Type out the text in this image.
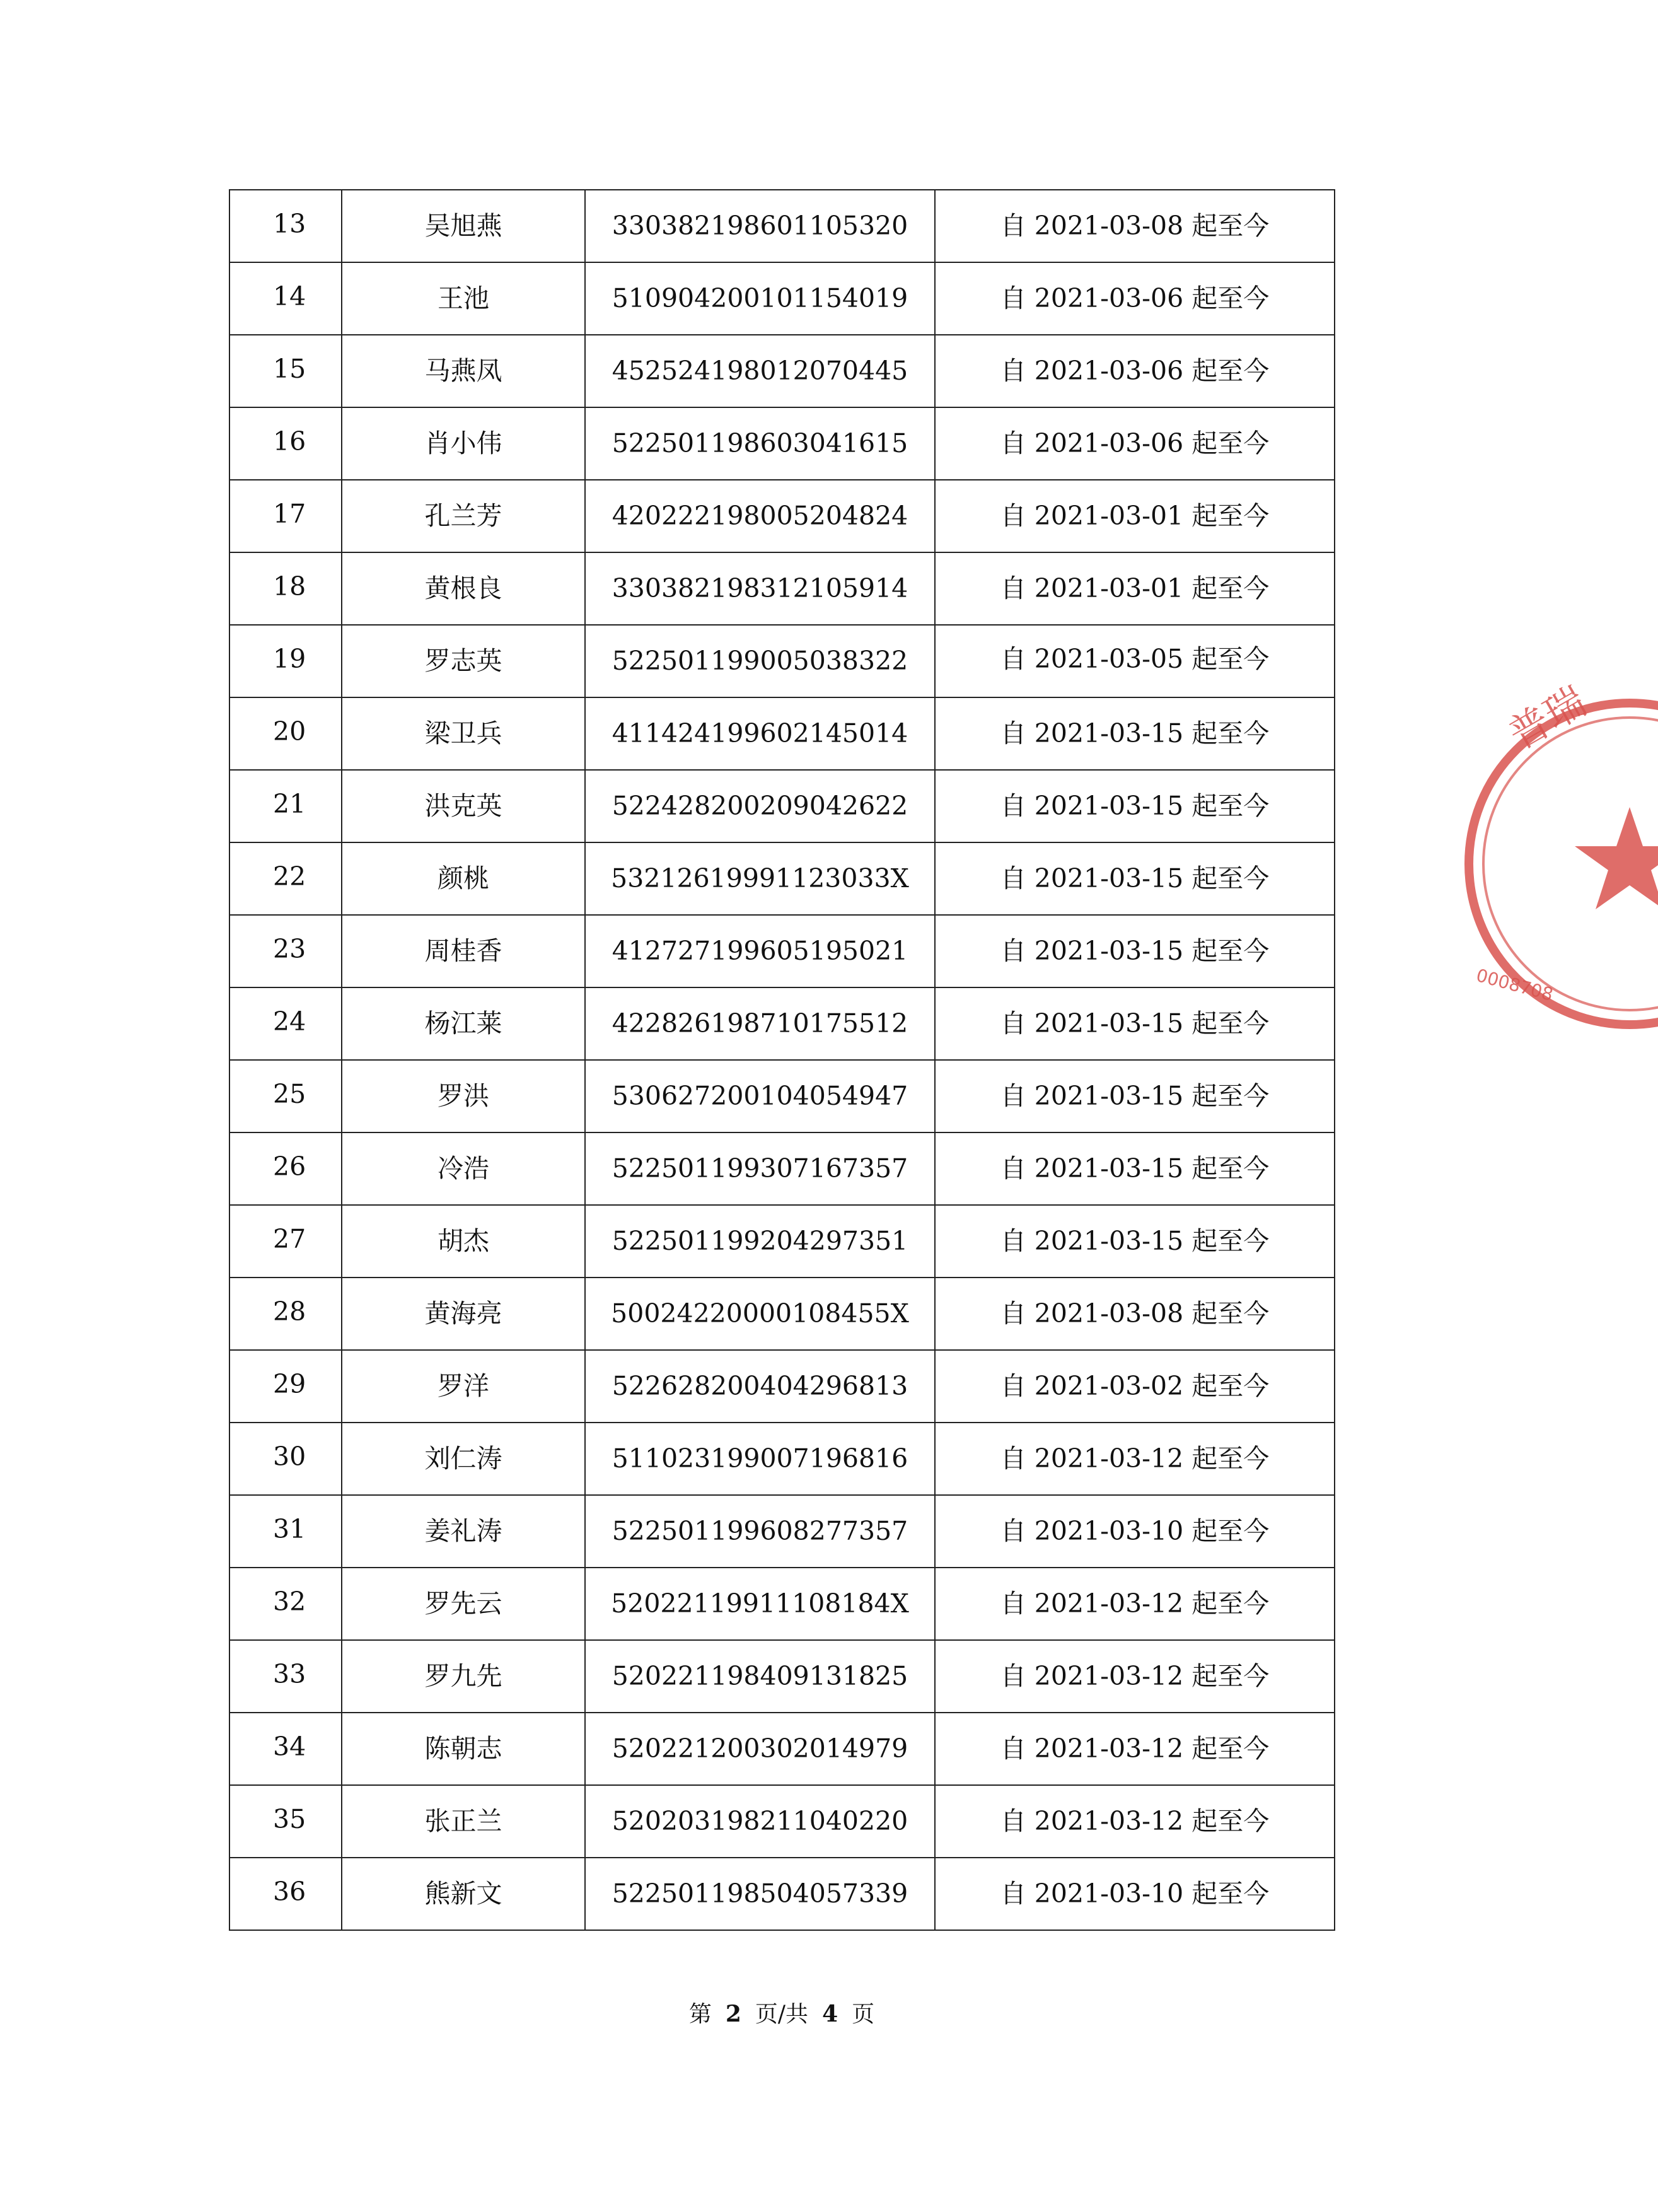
13	吴旭燕	330382198601105320	自 2021-03-08 起至今
14	王池	510904200101154019	自 2021-03-06 起至今
15	马燕凤	452524198012070445	自 2021-03-06 起至今
16	肖小伟	522501198603041615	自 2021-03-06 起至今
17	孔兰芳	420222198005204824	自 2021-03-01 起至今
18	黄根良	330382198312105914	自 2021-03-01 起至今
19	罗志英	522501199005038322	自 2021-03-05 起至今
20	梁卫兵	411424199602145014	自 2021-03-15 起至今
21	洪克英	522428200209042622	自 2021-03-15 起至今
22	颜桃	53212619991123033X	自 2021-03-15 起至今
23	周桂香	412727199605195021	自 2021-03-15 起至今
24	杨江莱	422826198710175512	自 2021-03-15 起至今
25	罗洪	530627200104054947	自 2021-03-15 起至今
26	冷浩	522501199307167357	自 2021-03-15 起至今
27	胡杰	522501199204297351	自 2021-03-15 起至今
28	黄海亮	50024220000108455X	自 2021-03-08 起至今
29	罗洋	522628200404296813	自 2021-03-02 起至今
30	刘仁涛	511023199007196816	自 2021-03-12 起至今
31	姜礼涛	522501199608277357	自 2021-03-10 起至今
32	罗先云	52022119911108184X	自 2021-03-12 起至今
33	罗九先	520221198409131825	自 2021-03-12 起至今
34	陈朝志	520221200302014979	自 2021-03-12 起至今
35	张正兰	520203198211040220	自 2021-03-12 起至今
36	熊新文	522501198504057339	自 2021-03-10 起至今
第 2 页/共 4 页
普瑞
0008708
